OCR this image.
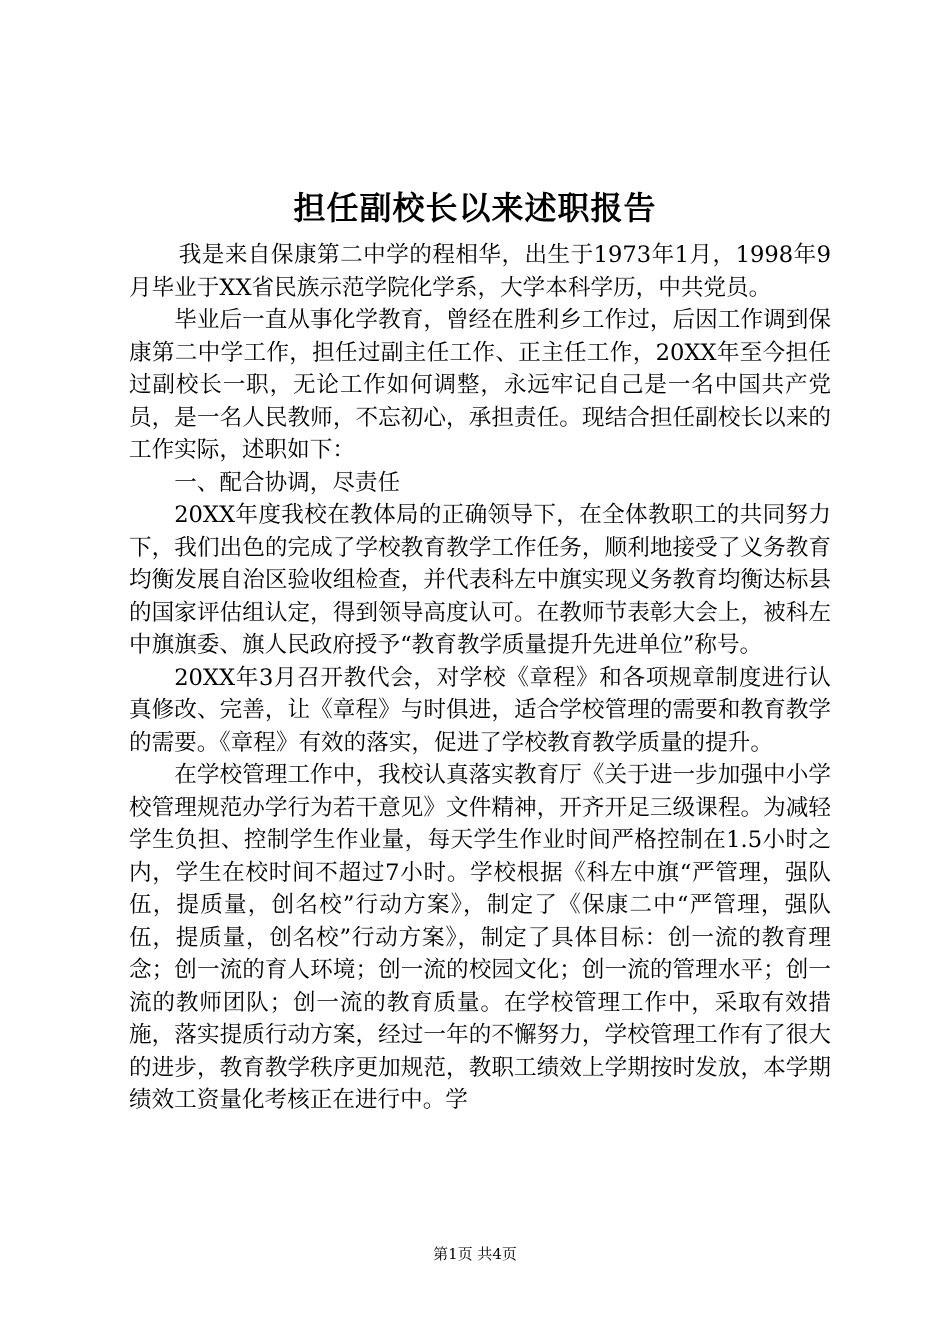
担任副校长以来述职报告

我是来自保康第二中学的程相华，出生于1973年1月，1998年9月毕业于XX省民族示范学院化学系，大学本科学历，中共党员。

毕业后一直从事化学教育，曾经在胜利乡工作过，后因工作调到保康第二中学工作，担任过副主任工作、正主任工作，20XX年至今担任过副校长一职，无论工作如何调整，永远牢记自己是一名中国共产党员，是一名人民教师，不忘初心，承担责任。现结合担任副校长以来的工作实际，述职如下：

一、配合协调，尽责任

20XX年度我校在教体局的正确领导下，在全体教职工的共同努力下，我们出色的完成了学校教育教学工作任务，顺利地接受了义务教育均衡发展自治区验收组检查，并代表科左中旗实现义务教育均衡达标县的国家评估组认定，得到领导高度认可。在教师节表彰大会上，被科左中旗旗委、旗人民政府授予“教育教学质量提升先进单位”称号。

20XX年3月召开教代会，对学校《章程》和各项规章制度进行认真修改、完善，让《章程》与时俱进，适合学校管理的需要和教育教学的需要。《章程》有效的落实，促进了学校教育教学质量的提升。

在学校管理工作中，我校认真落实教育厅《关于进一步加强中小学校管理规范办学行为若干意见》文件精神，开齐开足三级课程。为减轻学生负担、控制学生作业量，每天学生作业时间严格控制在1.5小时之内，学生在校时间不超过7小时。学校根据《科左中旗“严管理，强队伍，提质量，创名校”行动方案》，制定了《保康二中“严管理，强队伍，提质量，创名校”行动方案》，制定了具体目标：创一流的教育理念；创一流的育人环境；创一流的校园文化；创一流的管理水平；创一流的教师团队；创一流的教育质量。在学校管理工作中，采取有效措施，落实提质行动方案，经过一年的不懈努力，学校管理工作有了很大的进步，教育教学秩序更加规范，教职工绩效上学期按时发放，本学期绩效工资量化考核正在进行中。学

第1页 共4页
